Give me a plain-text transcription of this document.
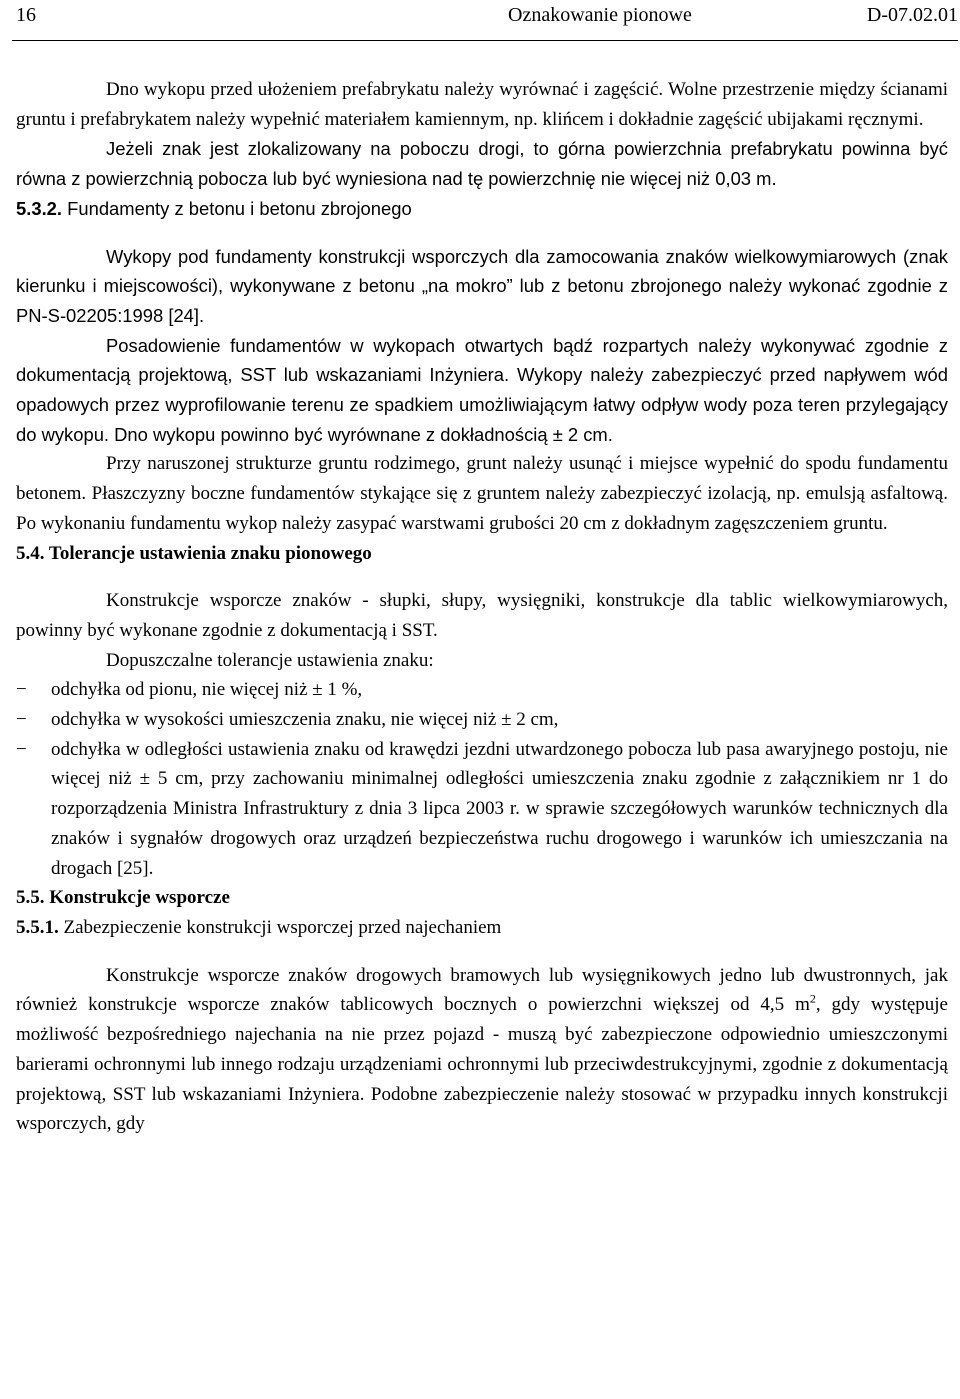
16	Oznakowanie pionowe	D-07.02.01

Dno wykopu przed ułożeniem prefabrykatu należy wyrównać i zagęścić. Wolne przestrzenie między ścianami gruntu i prefabrykatem należy wypełnić materiałem kamiennym, np. klińcem i dokładnie zagęścić ubijakami ręcznymi.

Jeżeli znak jest zlokalizowany na poboczu drogi, to górna powierzchnia prefabrykatu powinna być równa z powierzchnią pobocza lub być wyniesiona nad tę powierzchnię nie więcej niż 0,03 m.

5.3.2. Fundamenty z betonu i betonu zbrojonego

Wykopy pod fundamenty konstrukcji wsporczych dla zamocowania znaków wielkowymiarowych (znak kierunku i miejscowości), wykonywane z betonu „na mokro” lub z betonu zbrojonego należy wykonać zgodnie z PN-S-02205:1998 [24].

Posadowienie fundamentów w wykopach otwartych bądź rozpartych należy wykonywać zgodnie z dokumentacją projektową, SST lub wskazaniami Inżyniera. Wykopy należy zabezpieczyć przed napływem wód opadowych przez wyprofilowanie terenu ze spadkiem umożliwiającym łatwy odpływ wody poza teren przylegający do wykopu. Dno wykopu powinno być wyrównane z dokładnością ± 2 cm.

Przy naruszonej strukturze gruntu rodzimego, grunt należy usunąć i miejsce wypełnić do spodu fundamentu betonem. Płaszczyzny boczne fundamentów stykające się z gruntem należy zabezpieczyć izolacją, np. emulsją asfaltową. Po wykonaniu fundamentu wykop należy zasypać warstwami grubości 20 cm z dokładnym zagęszczeniem gruntu.

5.4. Tolerancje ustawienia znaku pionowego

Konstrukcje wsporcze znaków - słupki, słupy, wysięgniki, konstrukcje dla tablic wielkowymiarowych, powinny być wykonane zgodnie z dokumentacją i SST.

Dopuszczalne tolerancje ustawienia znaku:

− odchyłka od pionu, nie więcej niż ± 1 %,
− odchyłka w wysokości umieszczenia znaku, nie więcej niż ± 2 cm,
− odchyłka w odległości ustawienia znaku od krawędzi jezdni utwardzonego pobocza lub pasa awaryjnego postoju, nie więcej niż ± 5 cm, przy zachowaniu minimalnej odległości umieszczenia znaku zgodnie z załącznikiem nr 1 do rozporządzenia Ministra Infrastruktury z dnia 3 lipca 2003 r. w sprawie szczegółowych warunków technicznych dla znaków i sygnałów drogowych oraz urządzeń bezpieczeństwa ruchu drogowego i warunków ich umieszczania na drogach [25].

5.5. Konstrukcje wsporcze

5.5.1. Zabezpieczenie konstrukcji wsporczej przed najechaniem

Konstrukcje wsporcze znaków drogowych bramowych lub wysięgnikowych jedno lub dwustronnych, jak również konstrukcje wsporcze znaków tablicowych bocznych o powierzchni większej od 4,5 $m^2$, gdy występuje możliwość bezpośredniego najechania na nie przez pojazd - muszą być zabezpieczone odpowiednio umieszczonymi barierami ochronnymi lub innego rodzaju urządzeniami ochronnymi lub przeciwdestrukcyjnymi, zgodnie z dokumentacją projektową, SST lub wskazaniami Inżyniera. Podobne zabezpieczenie należy stosować w przypadku innych konstrukcji wsporczych, gdy
